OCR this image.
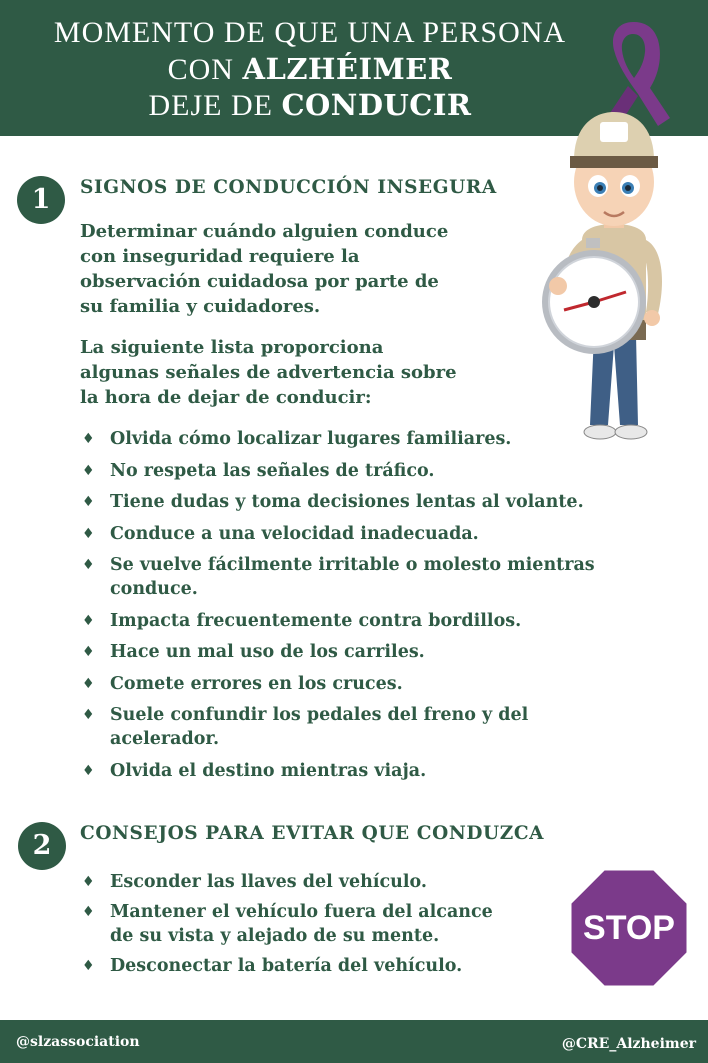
MOMENTO DE QUE UNA PERSONA
CON ALZHÉIMER
DEJE DE CONDUCIR
1	SIGNOS DE CONDUCCIÓN INSEGURA
Determinar cuándo alguien conduce
con inseguridad requiere la
observación cuidadosa por parte de
su familia y cuidadores.
La siguiente lista proporciona
algunas señales de advertencia sobre
la hora de dejar de conducir:
♦ Olvida cómo localizar lugares familiares.
♦ No respeta las señales de tráfico.
♦ Tiene dudas y toma decisiones lentas al volante.
♦ Conduce a una velocidad inadecuada.
♦ Se vuelve fácilmente irritable o molesto mientras
conduce.
♦ Impacta frecuentemente contra bordillos.
♦ Hace un mal uso de los carriles.
♦ Comete errores en los cruces.
♦ Suele confundir los pedales del freno y del
acelerador.
♦ Olvida el destino mientras viaja.
2	CONSEJOS PARA EVITAR QUE CONDUZCA
♦ Esconder las llaves del vehículo.
♦ Mantener el vehículo fuera del alcance
de su vista y alejado de su mente.
♦ Desconectar la batería del vehículo.
STOP
@slzassociation	@CRE_Alzheimer
